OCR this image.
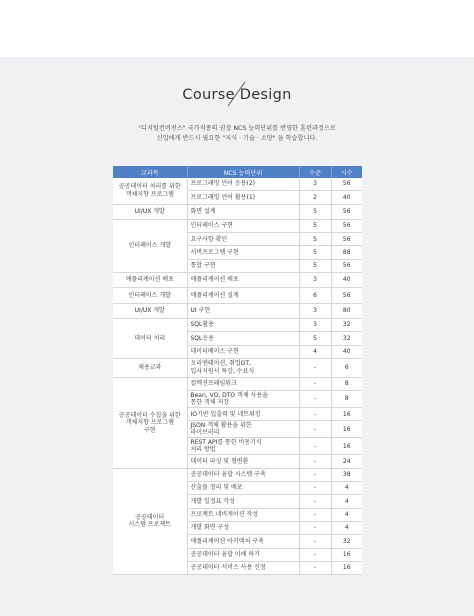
Course Design
"디지털컨버전스" 국가직종의 권장 NCS 능력단위를 반영한 훈련과정으로
신입에게 반드시 필요한 "지식 · 기술 · 소양" 을 학습합니다.
교과목	NCS 능력단위	수준	시수
공공데이터 처리를 위한
객체지향 프로그램	프로그래밍 언어 응용(2)	3	56
	프로그래밍 언어 활용(1)	2	40
UI/UX 개발	화면 설계	5	56
인터페이스 개발	인터페이스 구현	5	56
	요구사항 확인	5	56
	서버프로그램 구현	5	88
	통합 구현	5	56
애플리케이션 배포	애플리케이션 배포	3	40
인터페이스 개발	애플리케이션 설계	6	56
UI/UX 개발	UI 구현	3	80
데이터 처리	SQL활용	3	32
	SQL응용	5	32
	데이터베이스 구현	4	40
채용교과	오리엔테이션, 취업OT,
입사지원서 특강, 수료식	-	6
공공데이터 수집을 위한
객체지향 프로그램
구현	컬렉션프레임워크	-	8
	Bean, VO, DTO 객체 사용을
통한 객체 저장	-	8
	IO기반 입출력 및 네트워킹	-	16
	JSON 객체 활용을 위한
라이브러리	-	16
	REST API를 통한 비동기식
처리 방법	-	16
	데이터 파싱 및 형변환	-	24
공공데이터
시스템 프로젝트	공공데이터 융합 시스템 구축	-	38
	산출물 정리 및 배포	-	4
	개발 일정표 작성	-	4
	프로젝트 네비게이션 작성	-	4
	개발 화면 구성	-	4
	애플리케이션 아키텍처 구축	-	32
	공공데이터 융합 이해 하기	-	16
	공공데이터 서비스 사용 신청	-	16
